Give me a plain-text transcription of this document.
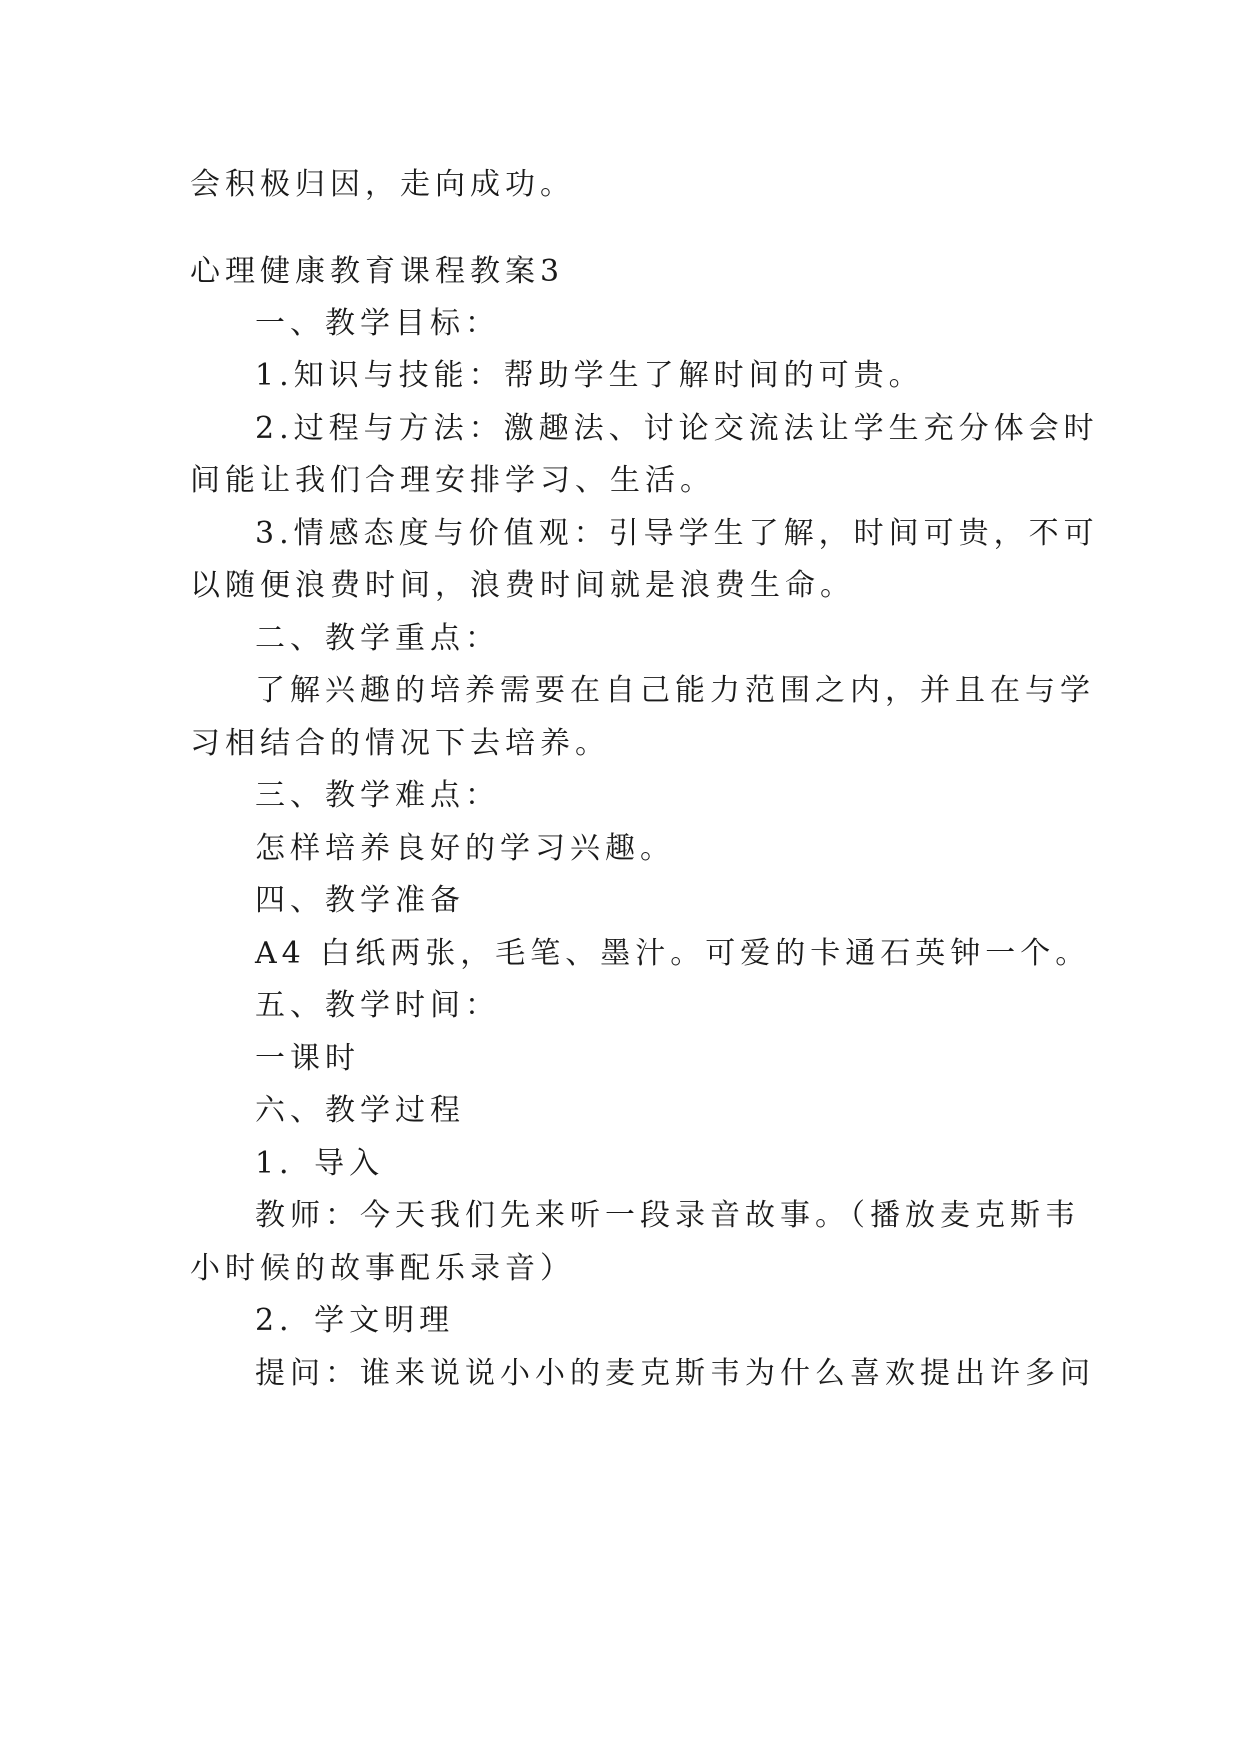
会积极归因，走向成功。

心理健康教育课程教案3

一、教学目标：

1.知识与技能：帮助学生了解时间的可贵。

2.过程与方法：激趣法、讨论交流法让学生充分体会时

间能让我们合理安排学习、生活。

3.情感态度与价值观：引导学生了解，时间可贵，不可

以随便浪费时间，浪费时间就是浪费生命。

二、教学重点：

了解兴趣的培养需要在自己能力范围之内，并且在与学

习相结合的情况下去培养。

三、教学难点：

怎样培养良好的学习兴趣。

四、教学准备

A4 白纸两张，毛笔、墨汁。可爱的卡通石英钟一个。

五、教学时间：

一课时

六、教学过程

1．导入

教师：今天我们先来听一段录音故事。（播放麦克斯韦

小时候的故事配乐录音）

2．学文明理

提问：谁来说说小小的麦克斯韦为什么喜欢提出许多问
